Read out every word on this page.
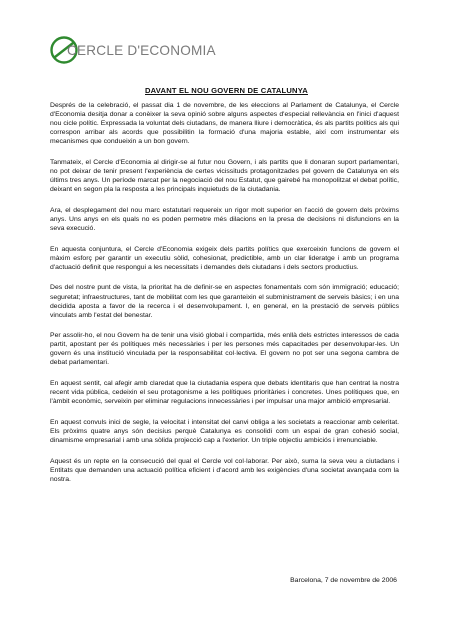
CERCLE D'ECONOMIA
DAVANT EL NOU GOVERN DE CATALUNYA

Després de la celebració, el passat dia 1 de novembre, de les eleccions al Parlament de Catalunya, el Cercle d'Economia desitja donar a conèixer la seva opinió sobre alguns aspectes d'especial rellevància en l'inici d'aquest nou cicle polític. Expressada la voluntat dels ciutadans, de manera lliure i democràtica, és als partits polítics als qui correspon arribar als acords que possibilitin la formació d'una majoria estable, així com instrumentar els mecanismes que condueixin a un bon govern.

Tanmateix, el Cercle d'Economia al dirigir-se al futur nou Govern, i als partits que li donaran suport parlamentari, no pot deixar de tenir present l'experiència de certes vicissituds protagonitzades pel govern de Catalunya en els últims tres anys. Un període marcat per la negociació del nou Estatut, que gairebé ha monopolitzat el debat polític, deixant en segon pla la resposta a les principals inquietuds de la ciutadania.

Ara, el desplegament del nou marc estatutari requereix un rigor molt superior en l'acció de govern dels pròxims anys. Uns anys en els quals no es poden permetre més dilacions en la presa de decisions ni disfuncions en la seva execució.

En aquesta conjuntura, el Cercle d'Economia exigeix dels partits polítics que exerceixin funcions de govern el màxim esforç per garantir un executiu sòlid, cohesionat, predictible, amb un clar lideratge i amb un programa d'actuació definit que respongui a les necessitats i demandes dels ciutadans i dels sectors productius.

Des del nostre punt de vista, la prioritat ha de definir-se en aspectes fonamentals com són immigració; educació; seguretat; infraestructures, tant de mobilitat com les que garanteixin el subministrament de serveis bàsics; i en una decidida aposta a favor de la recerca i el desenvolupament. I, en general, en la prestació de serveis públics vinculats amb l'estat del benestar.

Per assolir-ho, el nou Govern ha de tenir una visió global i compartida, més enllà dels estrictes interessos de cada partit, apostant per és polítiques més necessàries i per les persones més capacitades per desenvolupar-les. Un govern és una institució vinculada per la responsabilitat col·lectiva. El govern no pot ser una segona cambra de debat parlamentari.

En aquest sentit, cal afegir amb claredat que la ciutadania espera que debats identitaris que han centrat la nostra recent vida pública, cedeixin el seu protagonisme a les polítiques prioritàries i concretes. Unes polítiques que, en l'àmbit econòmic, serveixin per eliminar regulacions innecessàries i per impulsar una major ambició empresarial.

En aquest convuls inici de segle, la velocitat i intensitat del canvi obliga a les societats a reaccionar amb celeritat. Els pròxims quatre anys són decisius perquè Catalunya es consolidi com un espai de gran cohesió social, dinamisme empresarial i amb una sòlida projecció cap a l'exterior. Un triple objectiu ambiciós i irrenunciable.

Aquest és un repte en la consecució del qual el Cercle vol col·laborar. Per això, suma la seva veu a ciutadans i Entitats que demanden una actuació política eficient i d'acord amb les exigències d'una societat avançada com la nostra.

Barcelona, 7 de novembre de 2006
